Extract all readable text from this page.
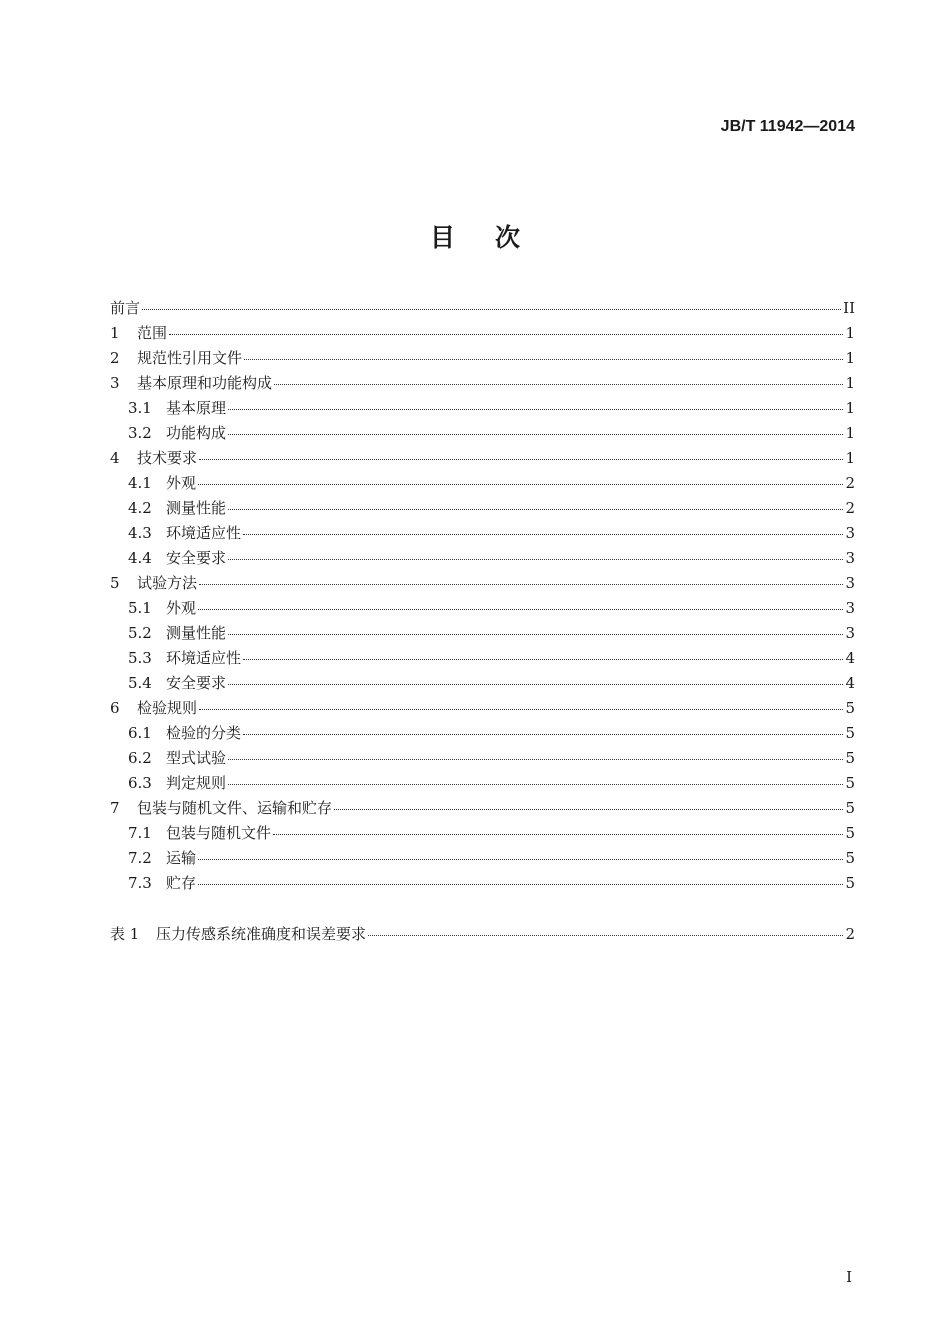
JB/T 11942—2014
目次
前言	II
1	范围	1
2	规范性引用文件	1
3	基本原理和功能构成	1
3.1 基本原理	1
3.2 功能构成	1
4	技术要求	1
4.1 外观	2
4.2 测量性能	2
4.3 环境适应性	3
4.4 安全要求	3
5	试验方法	3
5.1 外观	3
5.2 测量性能	3
5.3 环境适应性	4
5.4 安全要求	4
6	检验规则	5
6.1 检验的分类	5
6.2 型式试验	5
6.3 判定规则	5
7	包装与随机文件、运输和贮存	5
7.1 包装与随机文件	5
7.2 运输	5
7.3 贮存	5
表 1	压力传感系统准确度和误差要求	2
I
